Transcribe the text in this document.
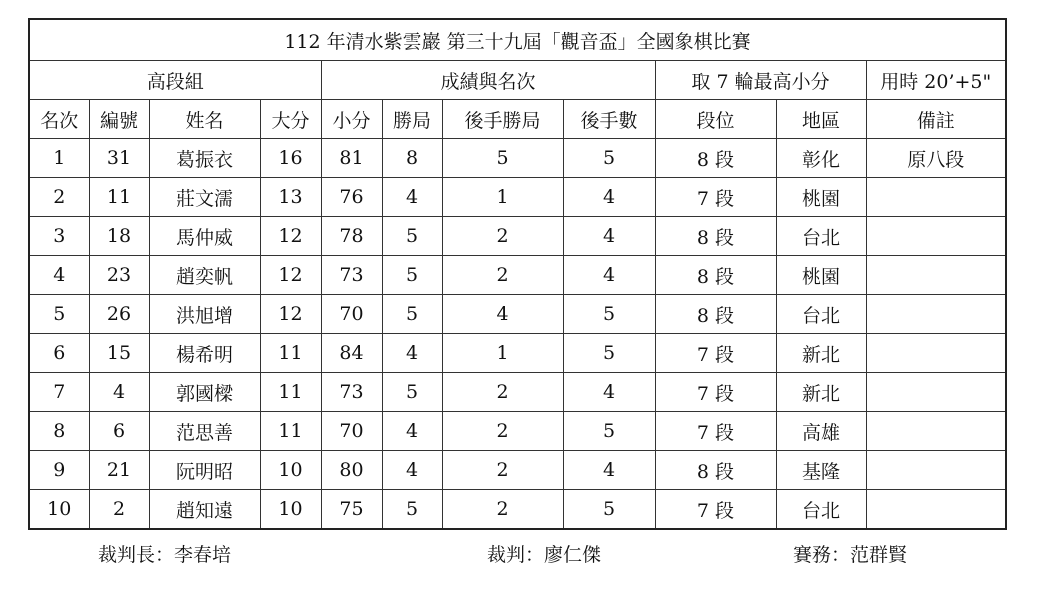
112 年清水紫雲巖 第三十九屆「觀音盃」全國象棋比賽										
高段組				成績與名次				取 7 輪最高小分		用時 20’+5"
名次	編號	姓名	大分	小分	勝局	後手勝局	後手數	段位	地區	備註
1	31	葛振衣	16	81	8	5	5	8 段	彰化	原八段
2	11	莊文濡	13	76	4	1	4	7 段	桃園	
3	18	馬仲威	12	78	5	2	4	8 段	台北	
4	23	趙奕帆	12	73	5	2	4	8 段	桃園	
5	26	洪旭增	12	70	5	4	5	8 段	台北	
6	15	楊希明	11	84	4	1	5	7 段	新北	
7	4	郭國樑	11	73	5	2	4	7 段	新北	
8	6	范思善	11	70	4	2	5	7 段	高雄	
9	21	阮明昭	10	80	4	2	4	8 段	基隆	
10	2	趙知遠	10	75	5	2	5	7 段	台北	
裁判長：李春培	裁判：廖仁傑	賽務：范群賢
